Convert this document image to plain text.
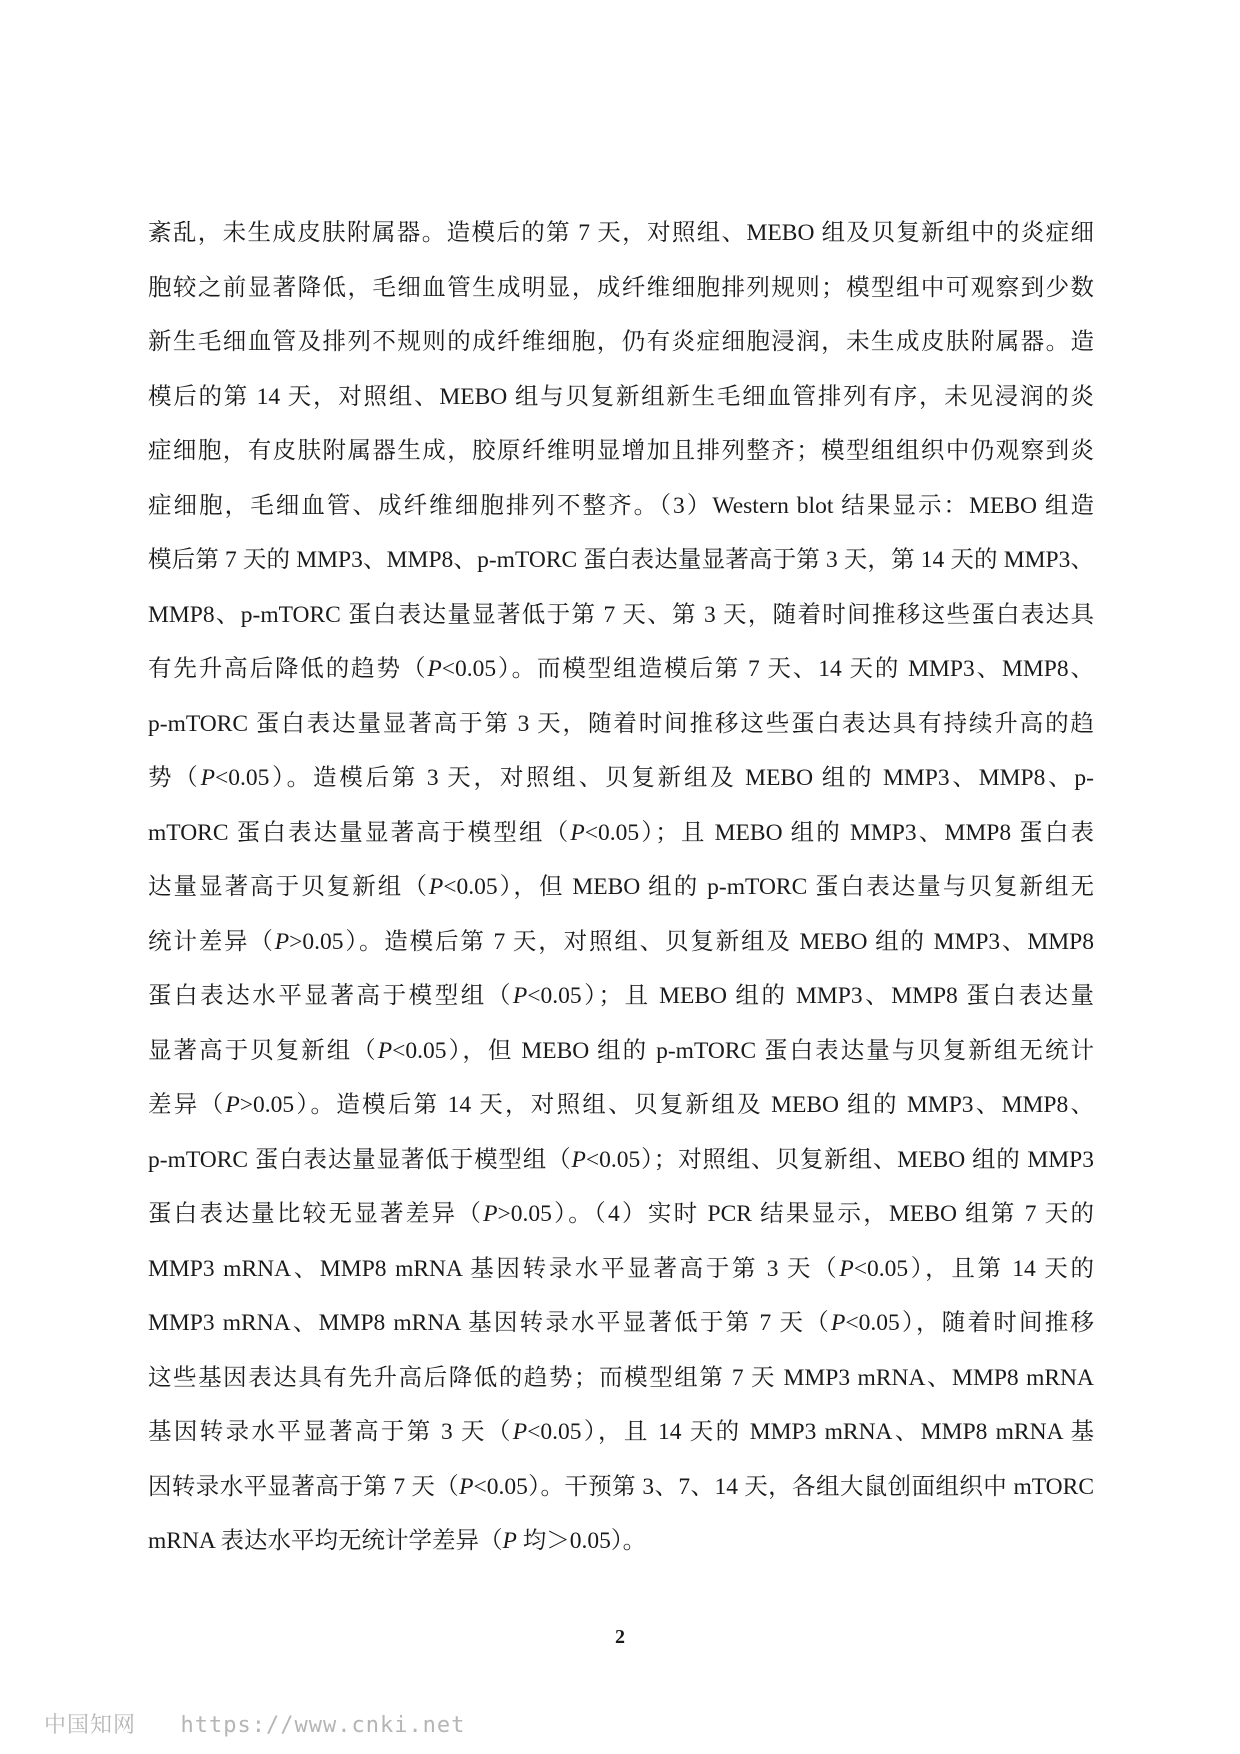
紊乱，未生成皮肤附属器。造模后的第 7 天，对照组、MEBO 组及贝复新组中的炎症细
胞较之前显著降低，毛细血管生成明显，成纤维细胞排列规则；模型组中可观察到少数
新生毛细血管及排列不规则的成纤维细胞，仍有炎症细胞浸润，未生成皮肤附属器。造
模后的第 14 天，对照组、MEBO 组与贝复新组新生毛细血管排列有序，未见浸润的炎
症细胞，有皮肤附属器生成，胶原纤维明显增加且排列整齐；模型组组织中仍观察到炎
症细胞，毛细血管、成纤维细胞排列不整齐。（3）Western blot 结果显示：MEBO 组造
模后第 7 天的 MMP3、MMP8、p-mTORC 蛋白表达量显著高于第 3 天，第 14 天的 MMP3、
MMP8、p-mTORC 蛋白表达量显著低于第 7 天、第 3 天，随着时间推移这些蛋白表达具
有先升高后降低的趋势（P<0.05）。而模型组造模后第 7 天、14 天的 MMP3、MMP8、
p-mTORC 蛋白表达量显著高于第 3 天，随着时间推移这些蛋白表达具有持续升高的趋
势（P<0.05）。造模后第 3 天，对照组、贝复新组及 MEBO 组的 MMP3、MMP8、p-
mTORC 蛋白表达量显著高于模型组（P<0.05）；且 MEBO 组的 MMP3、MMP8 蛋白表
达量显著高于贝复新组（P<0.05），但 MEBO 组的 p-mTORC 蛋白表达量与贝复新组无
统计差异（P>0.05）。造模后第 7 天，对照组、贝复新组及 MEBO 组的 MMP3、MMP8
蛋白表达水平显著高于模型组（P<0.05）；且 MEBO 组的 MMP3、MMP8 蛋白表达量
显著高于贝复新组（P<0.05），但 MEBO 组的 p-mTORC 蛋白表达量与贝复新组无统计
差异（P>0.05）。造模后第 14 天，对照组、贝复新组及 MEBO 组的 MMP3、MMP8、
p-mTORC 蛋白表达量显著低于模型组（P<0.05）；对照组、贝复新组、MEBO 组的 MMP3
蛋白表达量比较无显著差异（P>0.05）。（4）实时 PCR 结果显示，MEBO 组第 7 天的
MMP3 mRNA、MMP8 mRNA 基因转录水平显著高于第 3 天（P<0.05），且第 14 天的
MMP3 mRNA、MMP8 mRNA 基因转录水平显著低于第 7 天（P<0.05），随着时间推移
这些基因表达具有先升高后降低的趋势；而模型组第 7 天 MMP3 mRNA、MMP8 mRNA
基因转录水平显著高于第 3 天（P<0.05），且 14 天的 MMP3 mRNA、MMP8 mRNA 基
因转录水平显著高于第 7 天（P<0.05）。干预第 3、7、14 天，各组大鼠创面组织中 mTORC
mRNA 表达水平均无统计学差异（P 均＞0.05）。
2
中国知网 https://www.cnki.net
